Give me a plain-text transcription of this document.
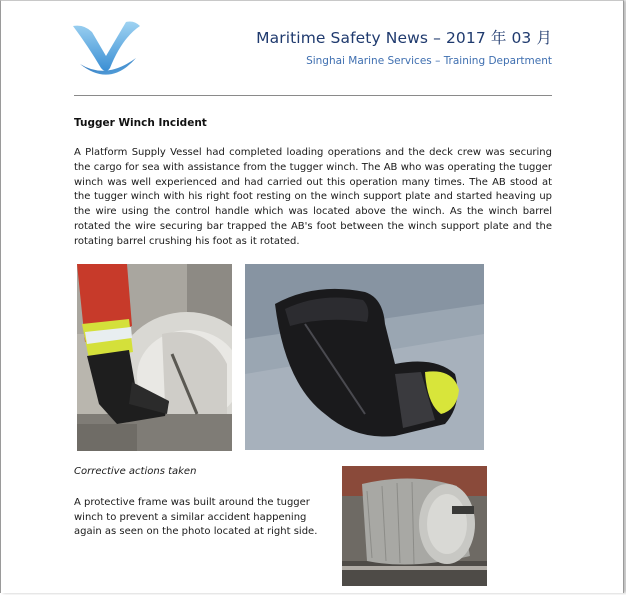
Maritime Safety News – 2017 年 03 月
Singhai Marine Services – Training Department
Tugger Winch Incident
A Platform Supply Vessel had completed loading operations and the deck crew was securing the cargo for sea with assistance from the tugger winch. The AB who was operating the tugger winch was well experienced and had carried out this operation many times. The AB stood at the tugger winch with his right foot resting on the winch support plate and started heaving up the wire using the control handle which was located above the winch. As the winch barrel rotated the wire securing bar trapped the AB's foot between the winch support plate and the rotating barrel crushing his foot as it rotated.
Corrective actions taken
A protective frame was built around the tugger winch to prevent a similar accident happening again as seen on the photo located at right side.
